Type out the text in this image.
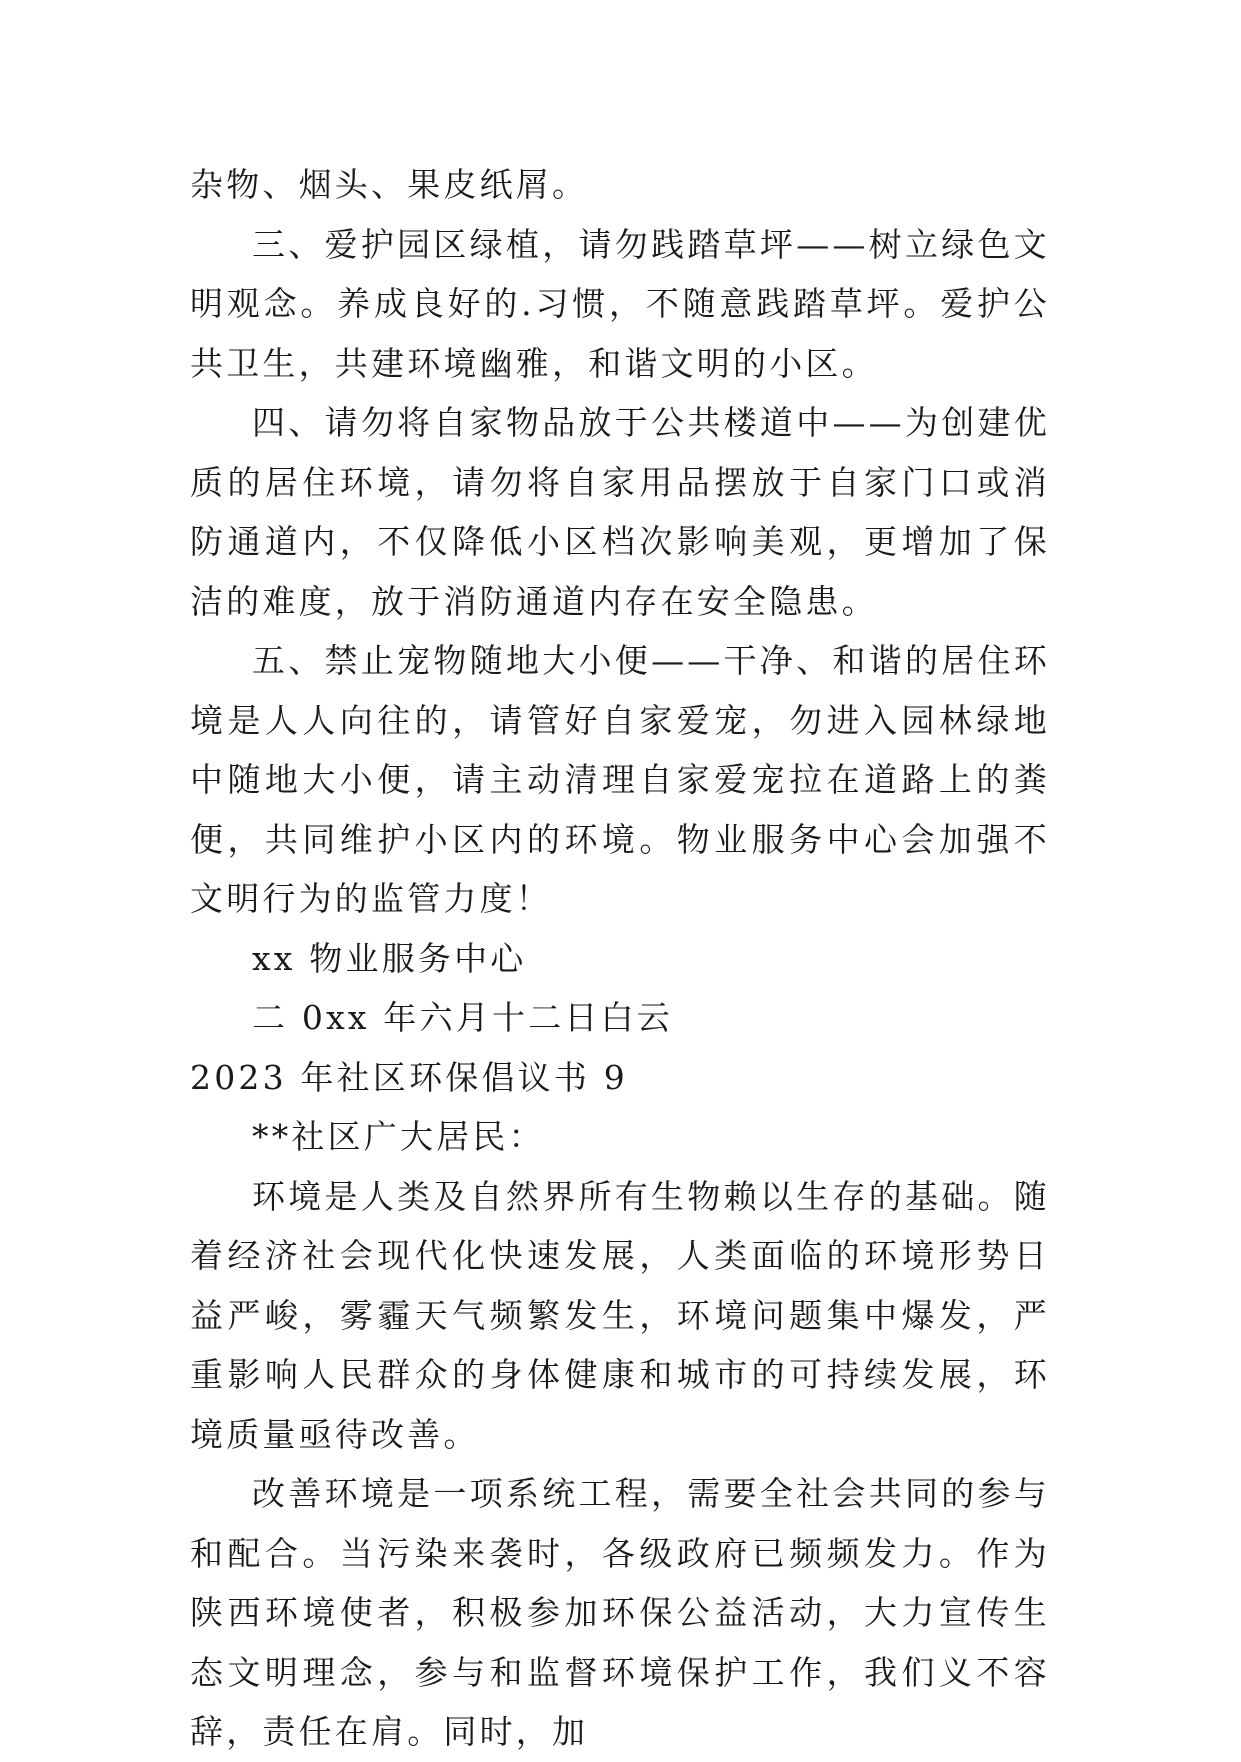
杂物、烟头、果皮纸屑。

三、爱护园区绿植，请勿践踏草坪——树立绿色文明观念。养成良好的.习惯，不随意践踏草坪。爱护公共卫生，共建环境幽雅，和谐文明的小区。

四、请勿将自家物品放于公共楼道中——为创建优质的居住环境，请勿将自家用品摆放于自家门口或消防通道内，不仅降低小区档次影响美观，更增加了保洁的难度，放于消防通道内存在安全隐患。

五、禁止宠物随地大小便——干净、和谐的居住环境是人人向往的，请管好自家爱宠，勿进入园林绿地中随地大小便，请主动清理自家爱宠拉在道路上的粪便，共同维护小区内的环境。物业服务中心会加强不文明行为的监管力度！

xx 物业服务中心

二 0xx 年六月十二日白云

2023 年社区环保倡议书 9

**社区广大居民：

环境是人类及自然界所有生物赖以生存的基础。随着经济社会现代化快速发展，人类面临的环境形势日益严峻，雾霾天气频繁发生，环境问题集中爆发，严重影响人民群众的身体健康和城市的可持续发展，环境质量亟待改善。

改善环境是一项系统工程，需要全社会共同的参与和配合。当污染来袭时，各级政府已频频发力。作为陕西环境使者，积极参加环保公益活动，大力宣传生态文明理念，参与和监督环境保护工作，我们义不容辞，责任在肩。同时，加
